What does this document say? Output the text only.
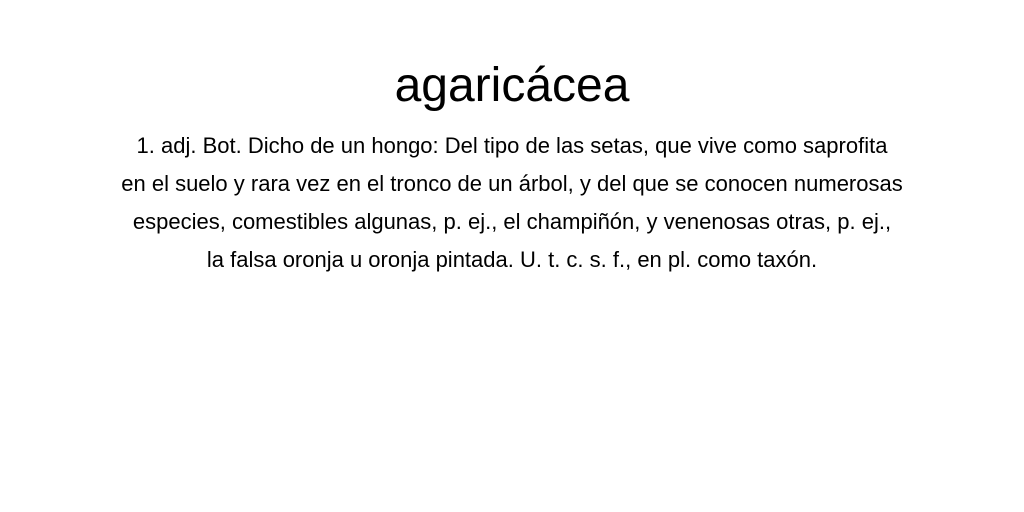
agaricácea

1. adj. Bot. Dicho de un hongo: Del tipo de las setas, que vive como saprofita
en el suelo y rara vez en el tronco de un árbol, y del que se conocen numerosas
especies, comestibles algunas, p. ej., el champiñón, y venenosas otras, p. ej.,
la falsa oronja u oronja pintada. U. t. c. s. f., en pl. como taxón.
